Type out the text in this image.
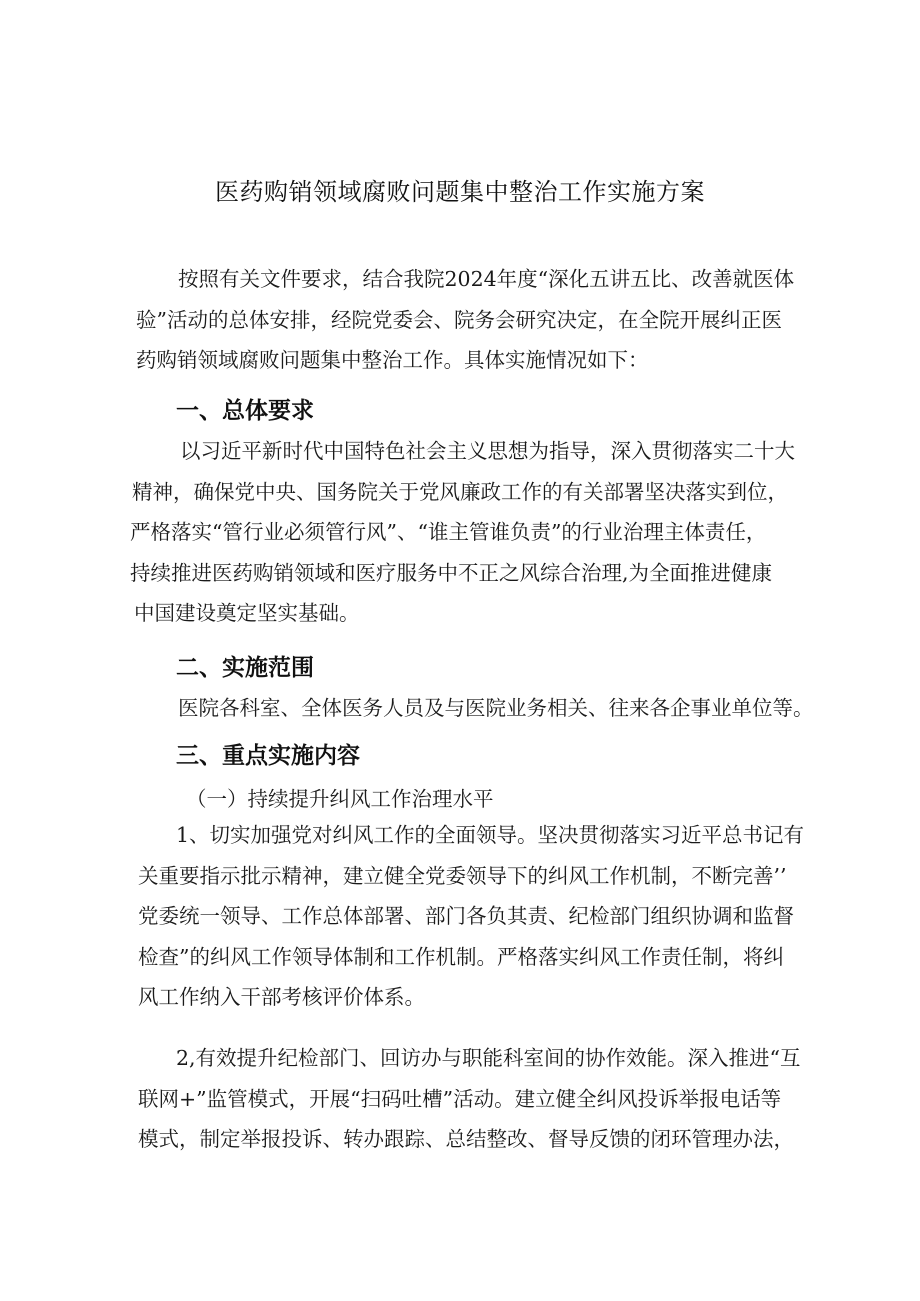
医药购销领域腐败问题集中整治工作实施方案
按照有关文件要求，结合我院2024年度“深化五讲五比、改善就医体
验”活动的总体安排，经院党委会、院务会研究决定，在全院开展纠正医
药购销领域腐败问题集中整治工作。具体实施情况如下：
一、总体要求
以习近平新时代中国特色社会主义思想为指导，深入贯彻落实二十大
精神，确保党中央、国务院关于党风廉政工作的有关部署坚决落实到位，
严格落实“管行业必须管行风”、“谁主管谁负责”的行业治理主体责任，
持续推进医药购销领域和医疗服务中不正之风综合治理,为全面推进健康
中国建设奠定坚实基础。
二、实施范围
医院各科室、全体医务人员及与医院业务相关、往来各企事业单位等。
三、重点实施内容
（一）持续提升纠风工作治理水平
1、切实加强党对纠风工作的全面领导。坚决贯彻落实习近平总书记有
关重要指示批示精神，建立健全党委领导下的纠风工作机制，不断完善’’
党委统一领导、工作总体部署、部门各负其责、纪检部门组织协调和监督
检查”的纠风工作领导体制和工作机制。严格落实纠风工作责任制，将纠
风工作纳入干部考核评价体系。
2,有效提升纪检部门、回访办与职能科室间的协作效能。深入推进“互
联网+”监管模式，开展“扫码吐槽”活动。建立健全纠风投诉举报电话等
模式，制定举报投诉、转办跟踪、总结整改、督导反馈的闭环管理办法，
